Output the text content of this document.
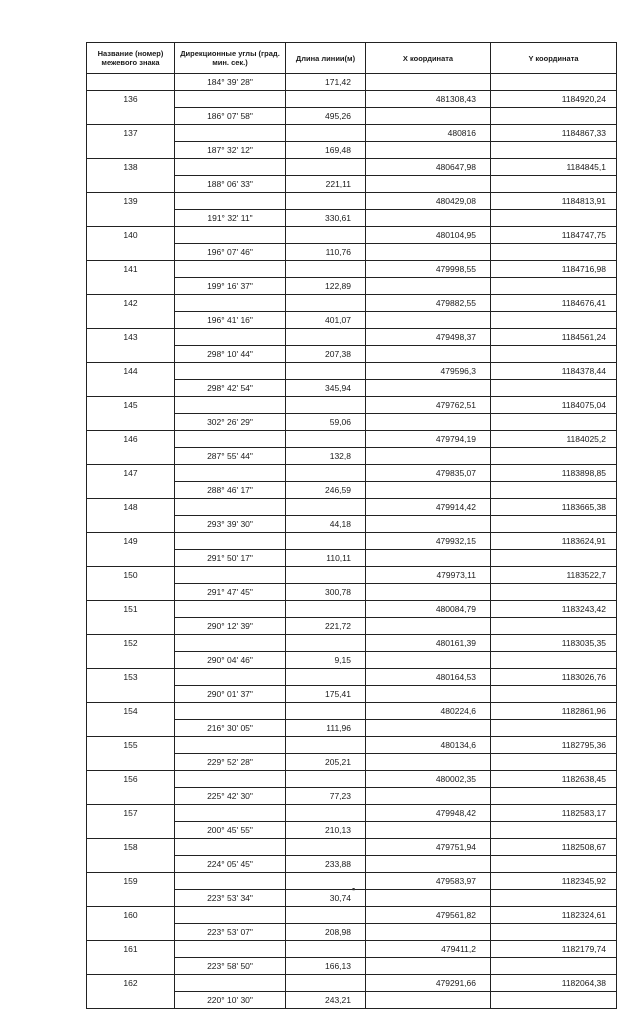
Название (номер) межевого знака	Дирекционные углы (град. мин. сек.)	Длина линии(м)	Х координата	Y координата
	184° 39' 28"	171,42		
136			481308,43	1184920,24
	186° 07' 58"	495,26		
137			480816	1184867,33
	187° 32' 12"	169,48		
138			480647,98	1184845,1
	188° 06' 33"	221,11		
139			480429,08	1184813,91
	191° 32' 11"	330,61		
140			480104,95	1184747,75
	196° 07' 46"	110,76		
141			479998,55	1184716,98
	199° 16' 37"	122,89		
142			479882,55	1184676,41
	196° 41' 16"	401,07		
143			479498,37	1184561,24
	298° 10' 44"	207,38		
144			479596,3	1184378,44
	298° 42' 54"	345,94		
145			479762,51	1184075,04
	302° 26' 29"	59,06		
146			479794,19	1184025,2
	287° 55' 44"	132,8		
147			479835,07	1183898,85
	288° 46' 17"	246,59		
148			479914,42	1183665,38
	293° 39' 30"	44,18		
149			479932,15	1183624,91
	291° 50' 17"	110,11		
150			479973,11	1183522,7
	291° 47' 45"	300,78		
151			480084,79	1183243,42
	290° 12' 39"	221,72		
152			480161,39	1183035,35
	290° 04' 46"	9,15		
153			480164,53	1183026,76
	290° 01' 37"	175,41		
154			480224,6	1182861,96
	216° 30' 05"	111,96		
155			480134,6	1182795,36
	229° 52' 28"	205,21		
156			480002,35	1182638,45
	225° 42' 30"	77,23		
157			479948,42	1182583,17
	200° 45' 55"	210,13		
158			479751,94	1182508,67
	224° 05' 45"	233,88		
159			479583,97	1182345,92
	223° 53' 34"	30,74		
160			479561,82	1182324,61
	223° 53' 07"	208,98		
161			479411,2	1182179,74
	223° 58' 50"	166,13		
162			479291,66	1182064,38
	220° 10' 30"	243,21		
▪
